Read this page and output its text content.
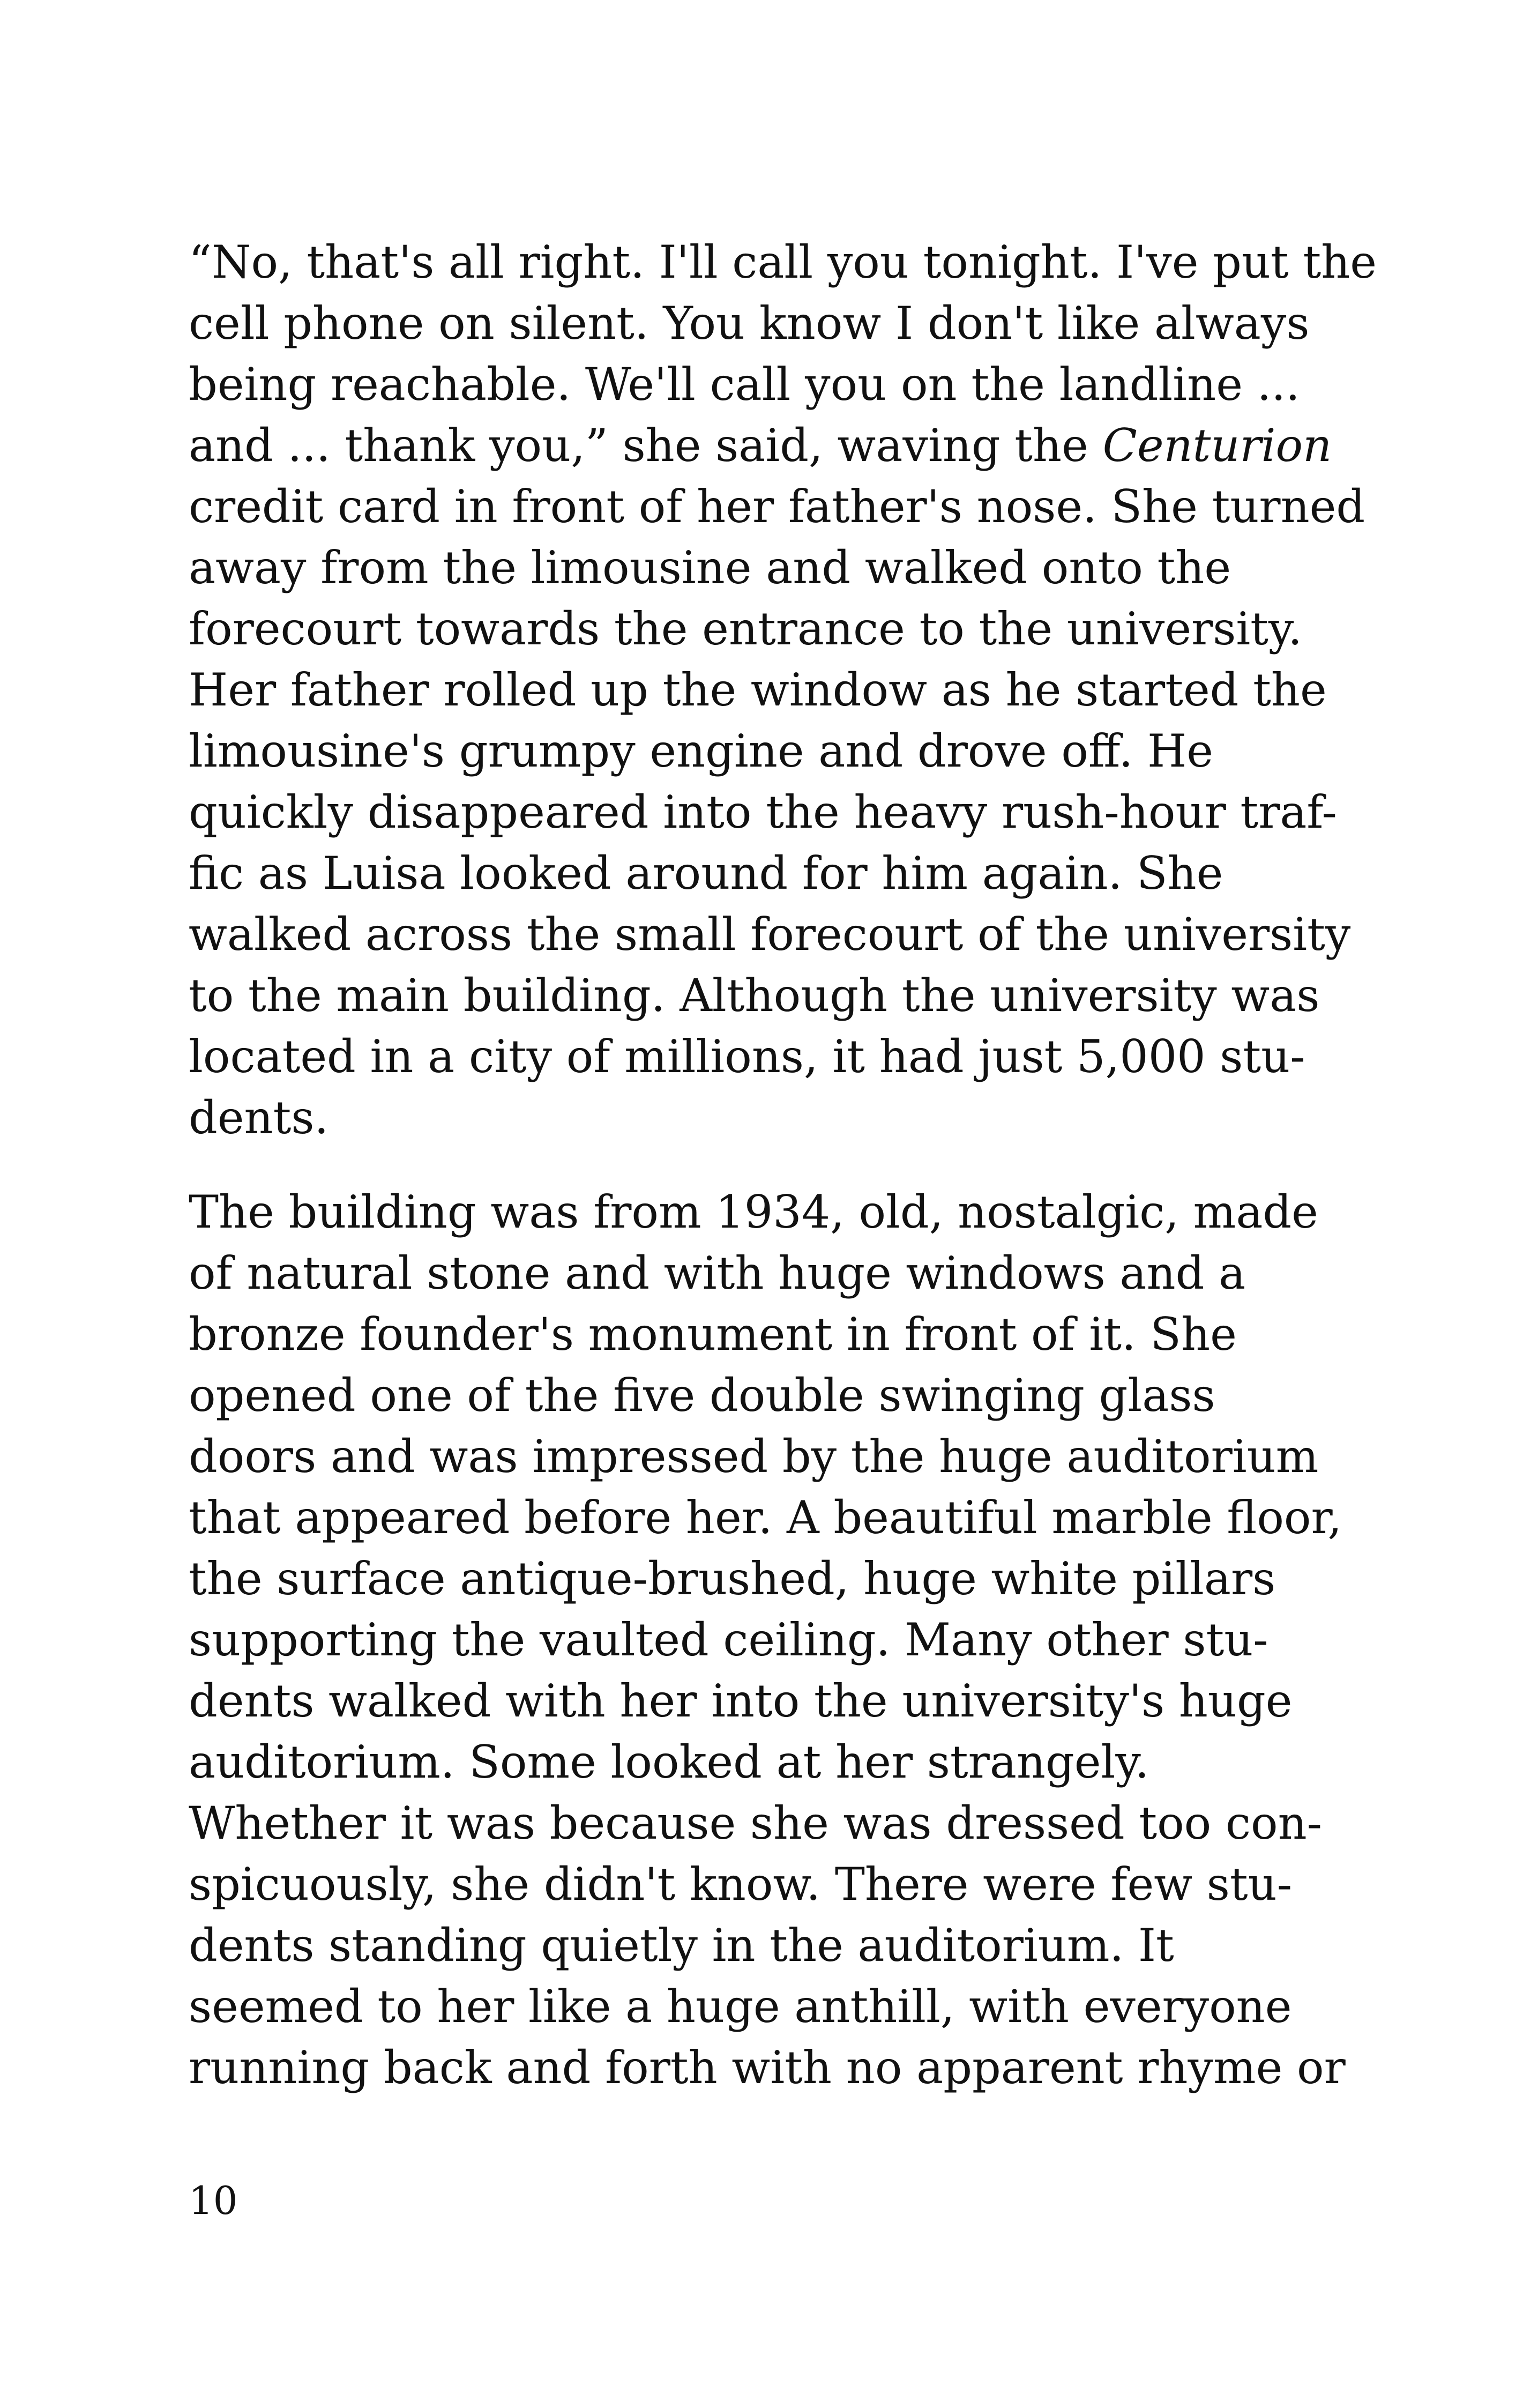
“No, that's all right. I'll call you tonight. I've put the
cell phone on silent. You know I don't like always
being reachable. We'll call you on the landline ...
and ... thank you,” she said, waving the Centurion
credit card in front of her father's nose. She turned
away from the limousine and walked onto the
forecourt towards the entrance to the university.
Her father rolled up the window as he started the
limousine's grumpy engine and drove off. He
quickly disappeared into the heavy rush-hour traf-
fic as Luisa looked around for him again. She
walked across the small forecourt of the university
to the main building. Although the university was
located in a city of millions, it had just 5,000 stu-
dents.
The building was from 1934, old, nostalgic, made
of natural stone and with huge windows and a
bronze founder's monument in front of it. She
opened one of the five double swinging glass
doors and was impressed by the huge auditorium
that appeared before her. A beautiful marble floor,
the surface antique-brushed, huge white pillars
supporting the vaulted ceiling. Many other stu-
dents walked with her into the university's huge
auditorium. Some looked at her strangely.
Whether it was because she was dressed too con-
spicuously, she didn't know. There were few stu-
dents standing quietly in the auditorium. It
seemed to her like a huge anthill, with everyone
running back and forth with no apparent rhyme or
10
